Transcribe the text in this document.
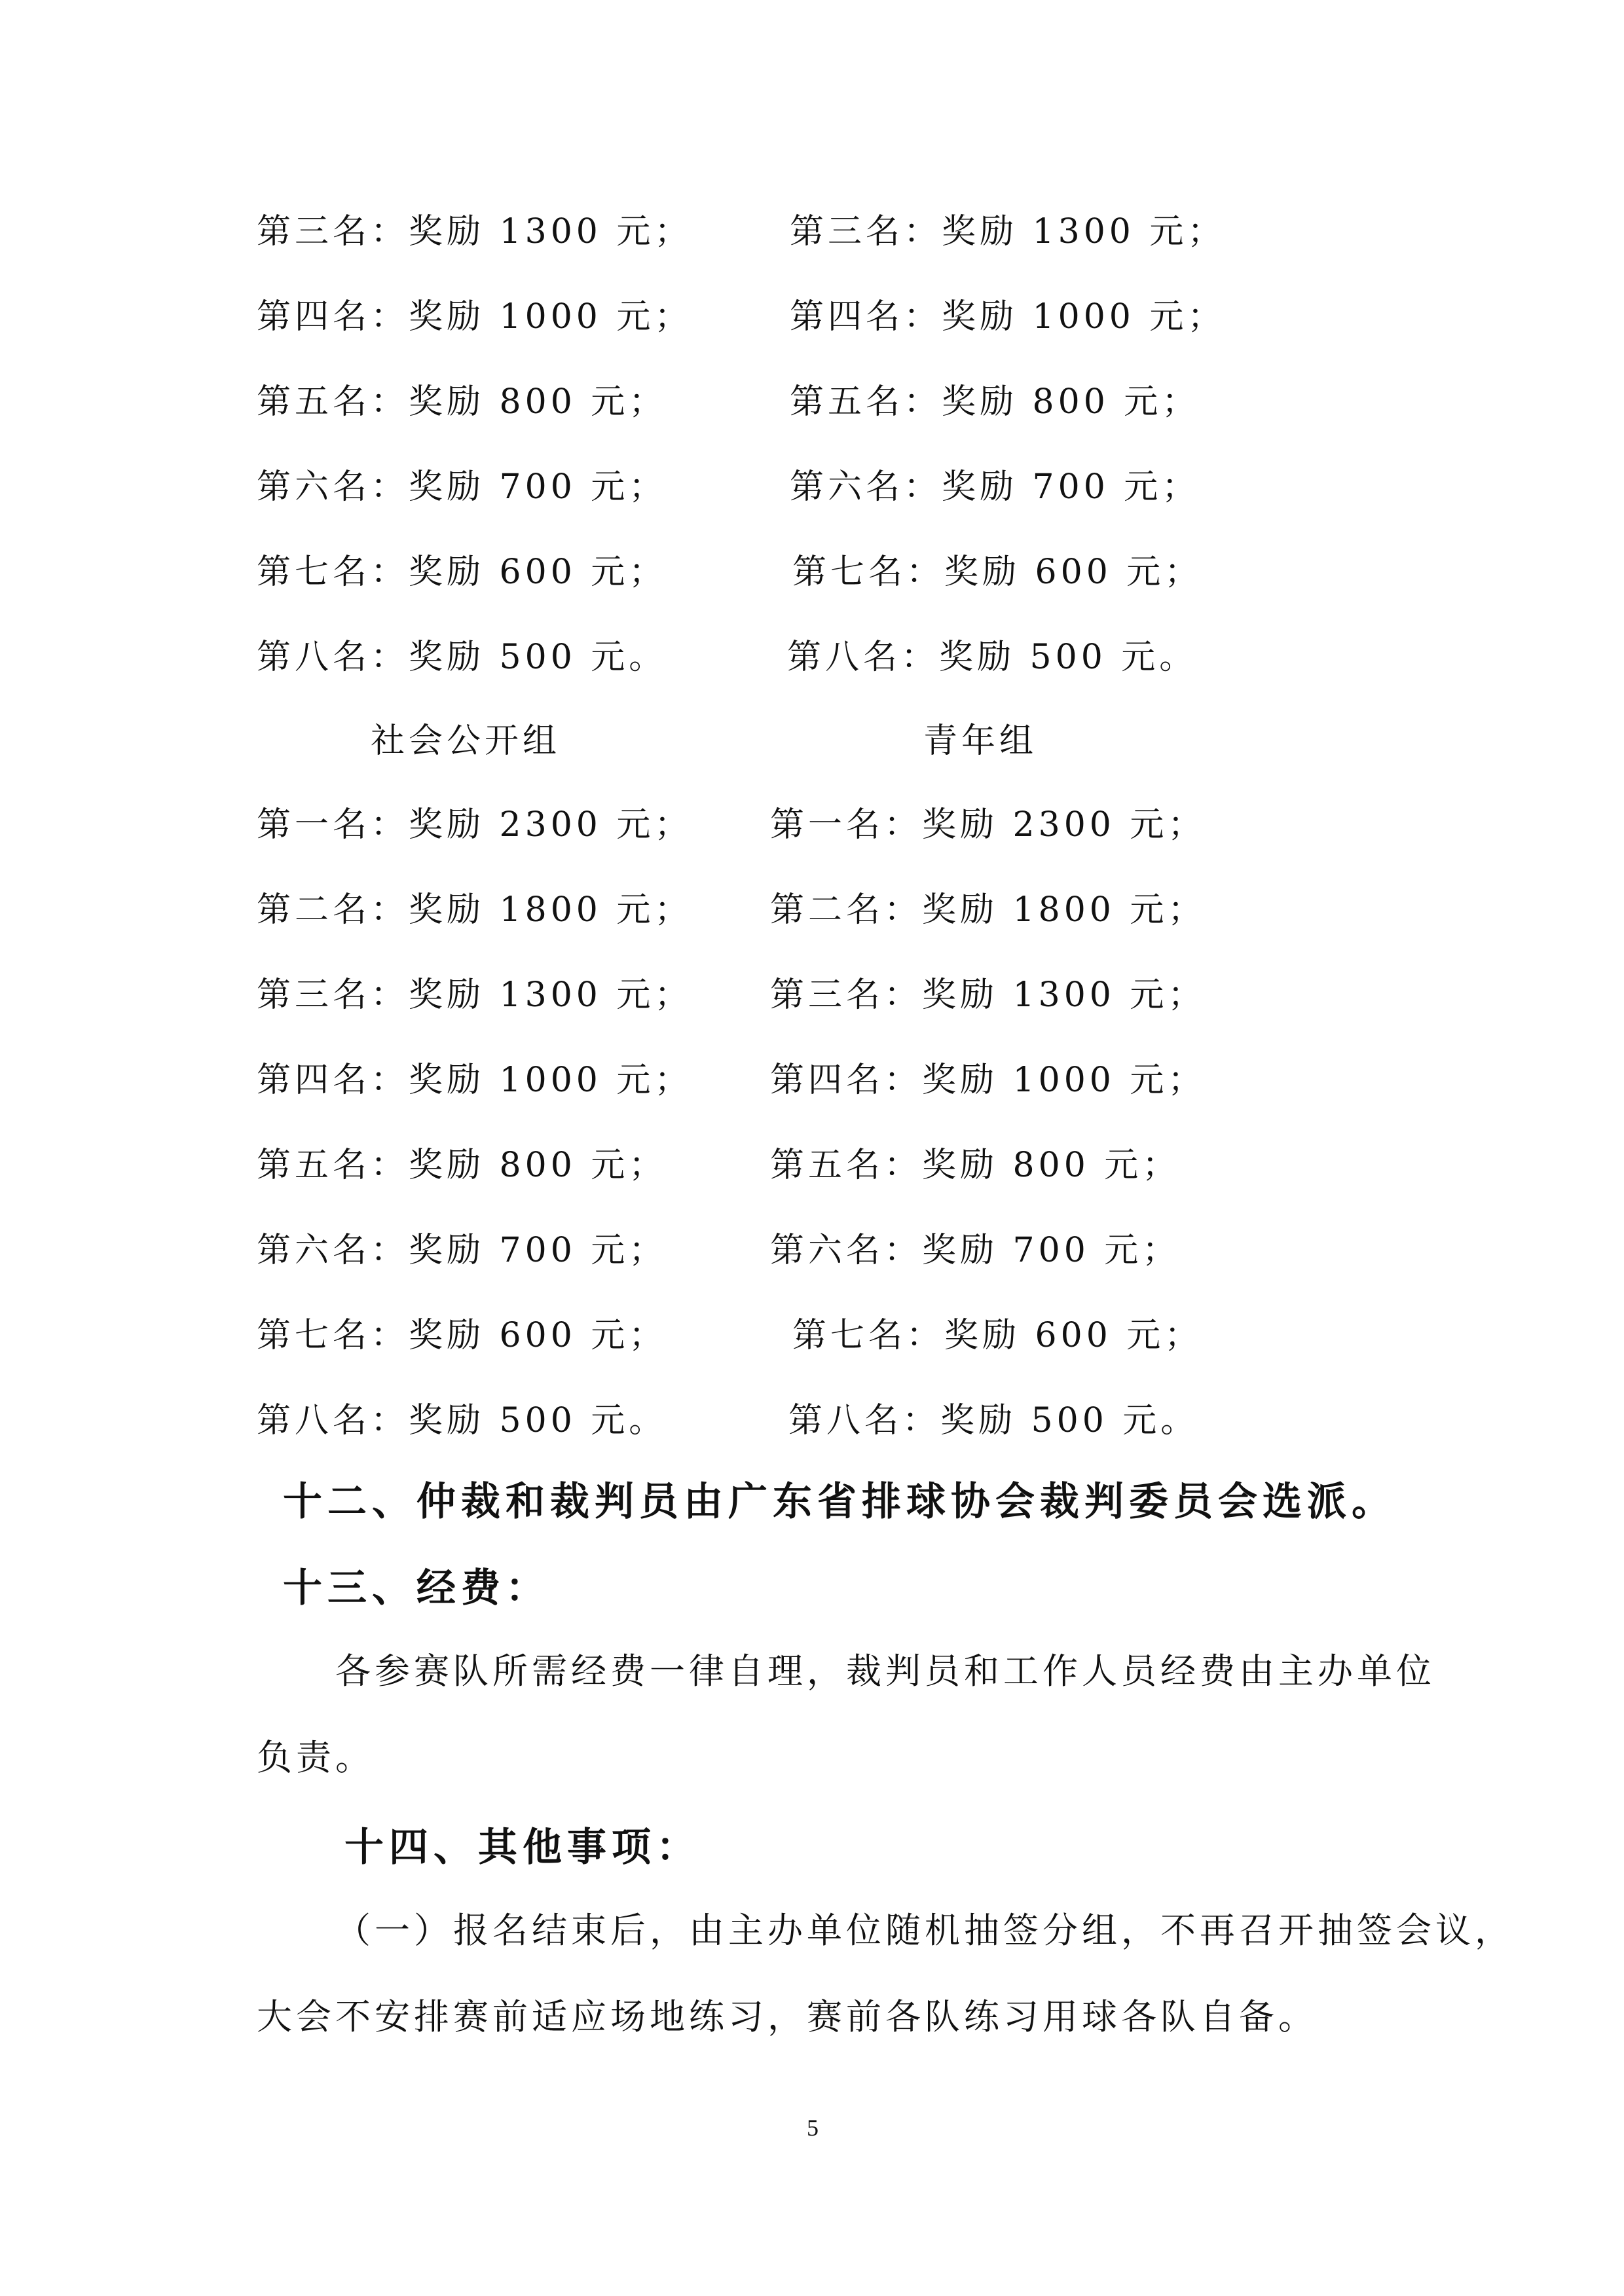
第三名：奖励 1300 元；
第四名：奖励 1000 元；
第五名：奖励 800 元；
第六名：奖励 700 元；
第七名：奖励 600 元；
第八名：奖励 500 元。
第三名：奖励 1300 元；
第四名：奖励 1000 元；
第五名：奖励 800 元；
第六名：奖励 700 元；
第七名：奖励 600 元；
第八名：奖励 500 元。
社会公开组	青年组
第一名：奖励 2300 元；
第二名：奖励 1800 元；
第三名：奖励 1300 元；
第四名：奖励 1000 元；
第五名：奖励 800 元；
第六名：奖励 700 元；
第七名：奖励 600 元；
第八名：奖励 500 元。
第一名：奖励 2300 元；
第二名：奖励 1800 元；
第三名：奖励 1300 元；
第四名：奖励 1000 元；
第五名：奖励 800 元；
第六名：奖励 700 元；
第七名：奖励 600 元；
第八名：奖励 500 元。
十二、仲裁和裁判员由广东省排球协会裁判委员会选派。
十三、经费：
各参赛队所需经费一律自理，裁判员和工作人员经费由主办单位
负责。
十四、其他事项：
（一）报名结束后，由主办单位随机抽签分组，不再召开抽签会议，
大会不安排赛前适应场地练习，赛前各队练习用球各队自备。
5
